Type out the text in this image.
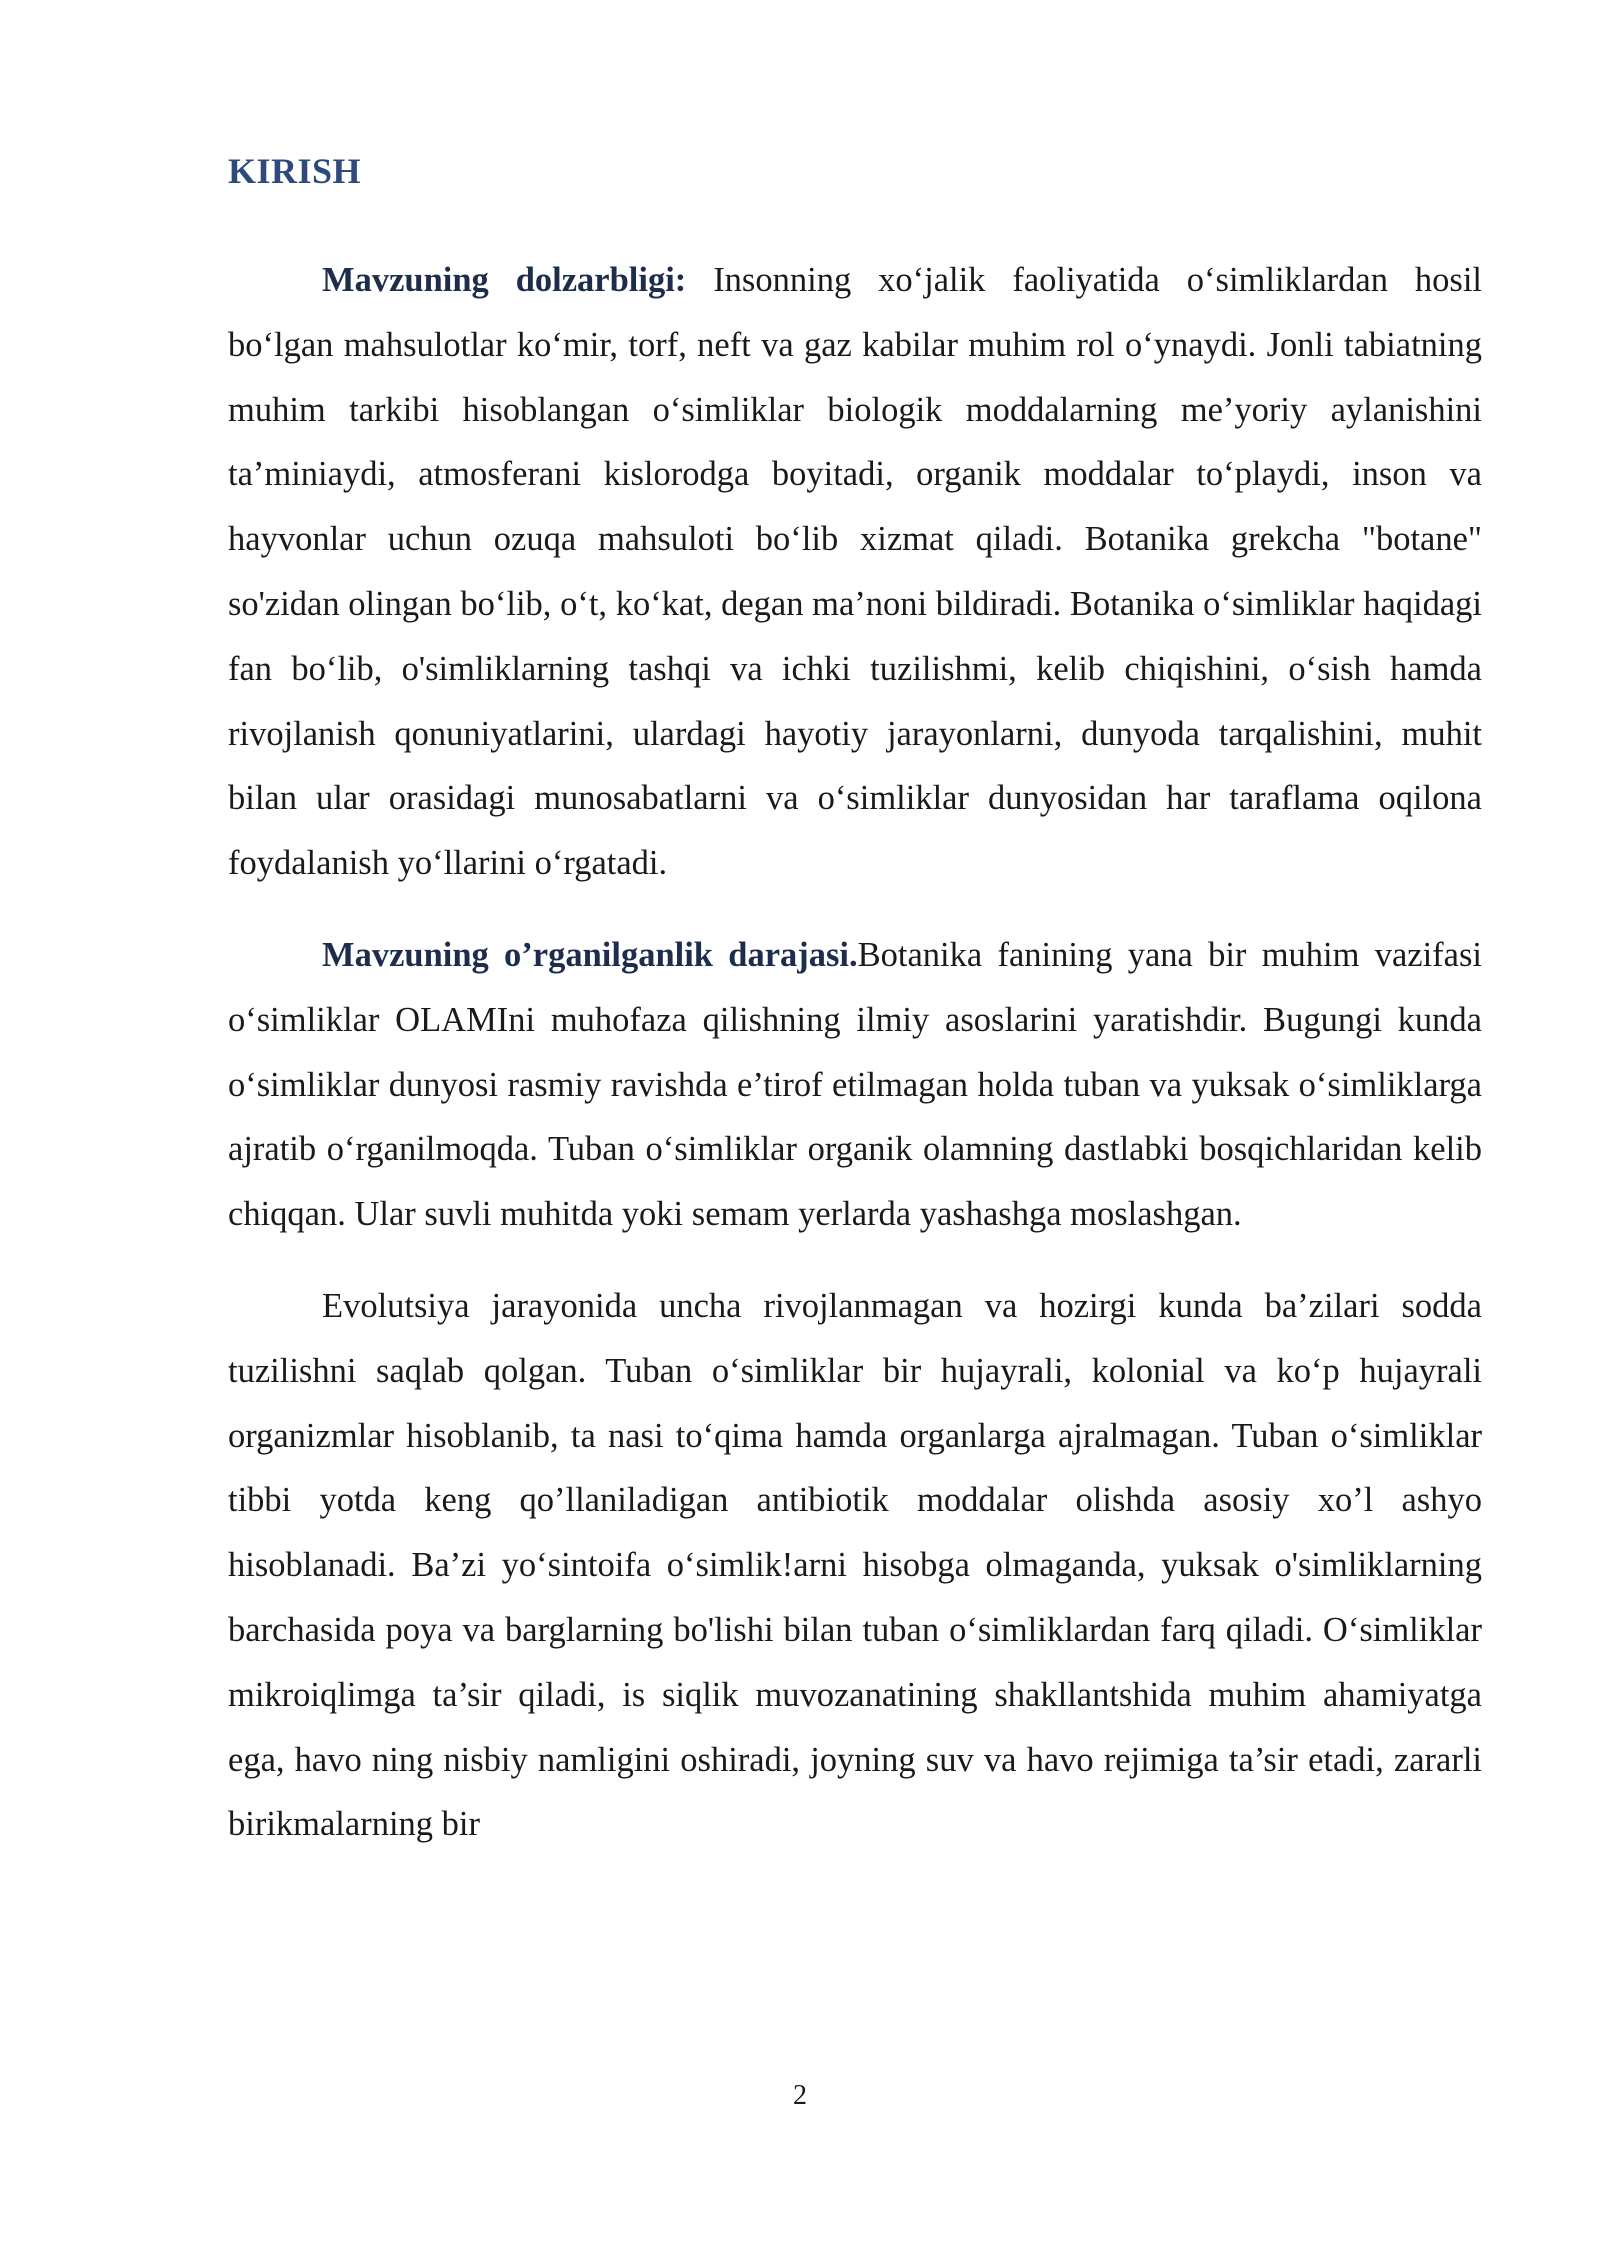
KIRISH

Mavzuning dolzarbligi: Insonning xo‘jalik faoliyatida o‘simliklardan hosil bo‘lgan mahsulotlar ko‘mir, torf, neft va gaz kabilar muhim rol o‘ynaydi. Jonli tabiatning muhim tarkibi hisoblangan o‘simliklar biologik moddalarning me’yoriy aylanishini ta’miniaydi, atmosferani kislorodga boyitadi, organik moddalar to‘playdi, inson va hayvonlar uchun ozuqa mahsuloti bo‘lib xizmat qiladi. Botanika grekcha "botane" so'zidan olingan bo‘lib, o‘t, ko‘kat, degan ma’noni bildiradi. Botanika o‘simliklar haqidagi fan bo‘lib, o'simliklarning tashqi va ichki tuzilishmi, kelib chiqishini, o‘sish hamda rivojlanish qonuniyatlarini, ulardagi hayotiy jarayonlarni, dunyoda tarqalishini, muhit bilan ular orasidagi munosabatlarni va o‘simliklar dunyosidan har taraflama oqilona foydalanish yo‘llarini o‘rgatadi.

Mavzuning o’rganilganlik darajasi.Botanika fanining yana bir muhim vazifasi o‘simliklar OLAMIni muhofaza qilishning ilmiy asoslarini yaratishdir. Bugungi kunda o‘simliklar dunyosi rasmiy ravishda e’tirof etilmagan holda tuban va yuksak o‘simliklarga ajratib o‘rganilmoqda. Tuban o‘simliklar organik olamning dastlabki bosqichlaridan kelib chiqqan. Ular suvli muhitda yoki semam yerlarda yashashga moslashgan.

Evolutsiya jarayonida uncha rivojlanmagan va hozirgi kunda ba’zilari sodda tuzilishni saqlab qolgan. Tuban o‘simliklar bir hujayrali, kolonial va ko‘p hujayrali organizmlar hisoblanib, ta nasi to‘qima hamda organlarga ajralmagan. Tuban o‘simliklar tibbi yotda keng qo’llaniladigan antibiotik moddalar olishda asosiy xo’l ashyo hisoblanadi. Ba’zi yo‘sintoifa o‘simlik!arni hisobga olmaganda, yuksak o'simliklarning barchasida poya va barglarning bo'lishi bilan tuban o‘simliklardan farq qiladi. O‘simliklar mikroiqlimga ta’sir qiladi, is siqlik muvozanatining shakllantshida muhim ahamiyatga ega, havo ning nisbiy namligini oshiradi, joyning suv va havo rejimiga ta’sir etadi, zararli birikmalarning bir

2
